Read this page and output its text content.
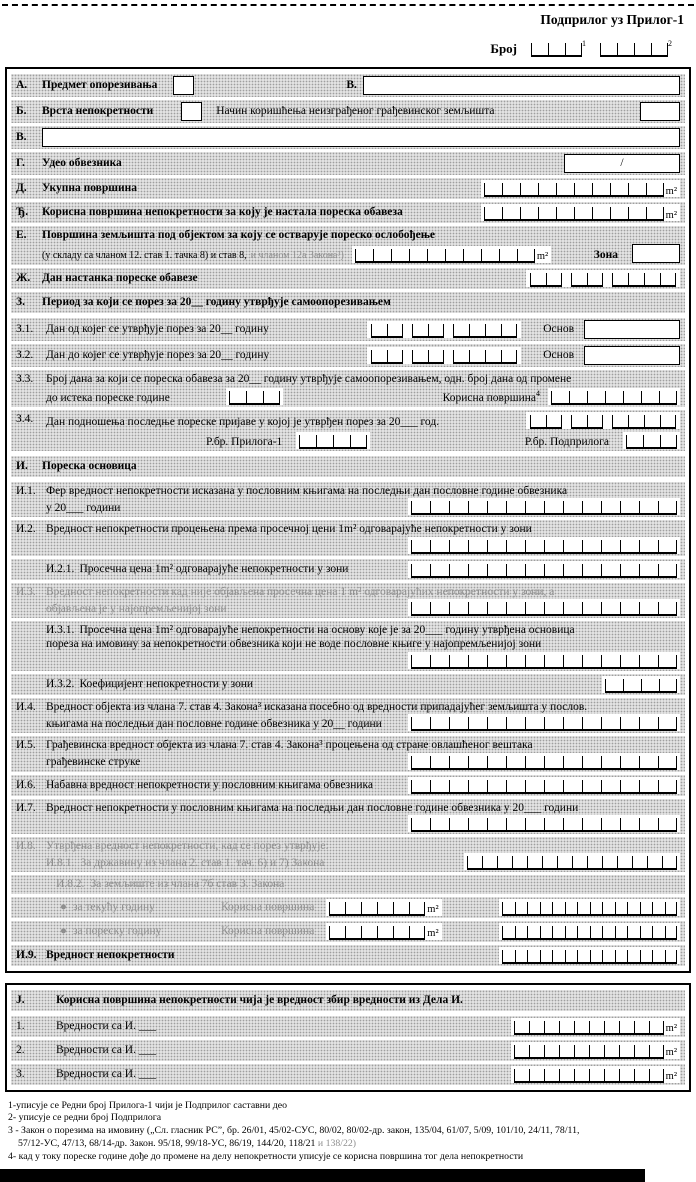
Подприлог уз Прилог-1
Број	$^1$	$^2$
А.	Предмет опорезивања	В.
Б.	Врста непокретности	Начин коришћења неизграђеног грађевинског земљишта
В.
Г.	Удео обвезника	/
Д.	Укупна површина	m²
Ђ.	Корисна површина непокретности за коју је настала пореска обавеза	m²
Е.	Површина земљишта под објектом за коју се остварује пореско ослобођење
(у складу са чланом 12. став 1. тачка 8) и став 8, и чланом 12а Закона³)	m²	Зона
Ж.	Дан настанка пореске обавезе
З.	Период за који се порез за 20__ годину утврђује самоопорезивањем
З.1.	Дан од којег се утврђује порез за 20__ годину	Основ
З.2.	Дан до којег се утврђује порез за 20__ годину	Основ
З.3.	Број дана за који се пореска обавеза за 20__ годину утврђује самоопорезивањем, одн. број дана од промене
до истека пореске године	Корисна површина$^4$
З.4.	Дан подношења последње пореске пријаве у којој је утврђен порез за 20___ год.
Р.бр. Прилога-1	Р.бр. Подприлога
И.	Пореска основица
И.1. Фер вредност непокретности исказана у пословним књигама на последњи дан пословне године обвезника
у 20___ години
И.2. Вредност непокретности процењена према просечној цени 1m² одговарајуће непокретности у зони
И.2.1. Просечна цена 1m² одговарајуће непокретности у зони
И.3. Вредност непокретности кад није објављена просечна цена 1 m² одговарајућих непокретности у зони, а
објављена је у најопремљенијој зони
И.3.1. Просечна цена 1m² одговарајуће непокретности на основу које је за 20___ годину утврђена основица
пореза на имовину за непокретности обвезника који не воде пословне књиге у најопремљенијој зони
И.3.2. Коефицијент непокретности у зони
И.4. Вредност објекта из члана 7. став 4. Закона³ исказана посебно од вредности припадајућег земљишта у послов.
књигама на последњи дан пословне године обвезника у 20__ години
И.5. Грађевинска вредност објекта из члана 7. став 4. Закона³ процењена од стране овлашћеног вештака
грађевинске струке
И.6. Набавна вредност непокретности у пословним књигама обвезника
И.7. Вредност непокретности у пословним књигама на последњи дан пословне године обвезника у 20___ години
И.8. Утврђена вредност непокретности, кад се порез утврђује:
И.8.1. За државину из члана 2. став 1. тач. 6) и 7) Закона
И.8.2. За земљиште из члана 7б став 3. Закона
● за текућу годину	Корисна површина	m²
● за пореску годину	Корисна површина	m²
И.9. Вредност непокретности
Ј.	Корисна површина непокретности чија је вредност збир вредности из Дела И.
1.	Вредности са И. ___	m²
2.	Вредности са И. ___	m²
3.	Вредности са И. ___	m²
1-уписује се Редни број Прилога-1 чији је Подприлог саставни део
2- уписује се редни број Подприлога
3 - Закон о порезима на имовину („Сл. гласник РС”, бр. 26/01, 45/02-СУС, 80/02, 80/02-др. закон, 135/04, 61/07, 5/09, 101/10, 24/11, 78/11,
57/12-УС, 47/13, 68/14-др. Закон. 95/18, 99/18-УС, 86/19, 144/20, 118/21 и 138/22)
4- кад у току пореске године дође до промене на делу непокретности уписује се корисна површина тог дела непокретности
